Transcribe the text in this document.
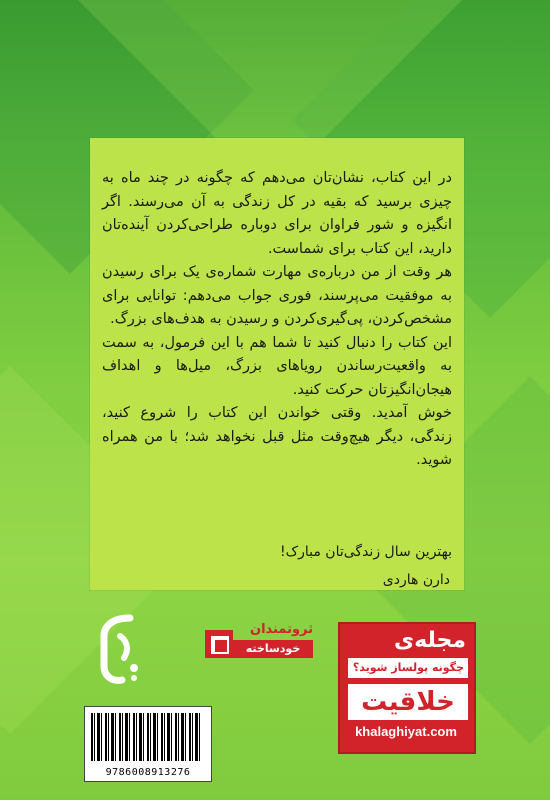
در این کتاب، نشان‌تان می‌دهم که چگونه در چند ماه به چیزی برسید که بقیه در کل زندگی به آن می‌رسند. اگر انگیزه و شور فراوان برای دوباره طراحی‌کردن آینده‌تان دارید، این کتاب برای شماست.

هر وقت از من درباره‌ی مهارت شماره‌ی یک برای رسیدن به موفقیت می‌پرسند، فوری جواب می‌دهم: توانایی برای مشخص‌کردن، پی‌گیری‌کردن و رسیدن به هدف‌های بزرگ.

این کتاب را دنبال کنید تا شما هم با این فرمول، به سمت به واقعیت‌رساندن رویاهای بزرگ، میل‌ها و اهداف هیجان‌انگیزتان حرکت کنید.

خوش آمدید. وقتی خواندن این کتاب را شروع کنید، زندگی، دیگر هیچ‌وقت مثل قبل نخواهد شد؛ با من همراه شوید.

بهترین سال زندگی‌تان مبارک!
دارن هاردی
ثروتمندان
خودساخته	مجله‌ی
چگونه پولساز شوید؟
خلاقیت
khalaghiyat.com
9786008913276
